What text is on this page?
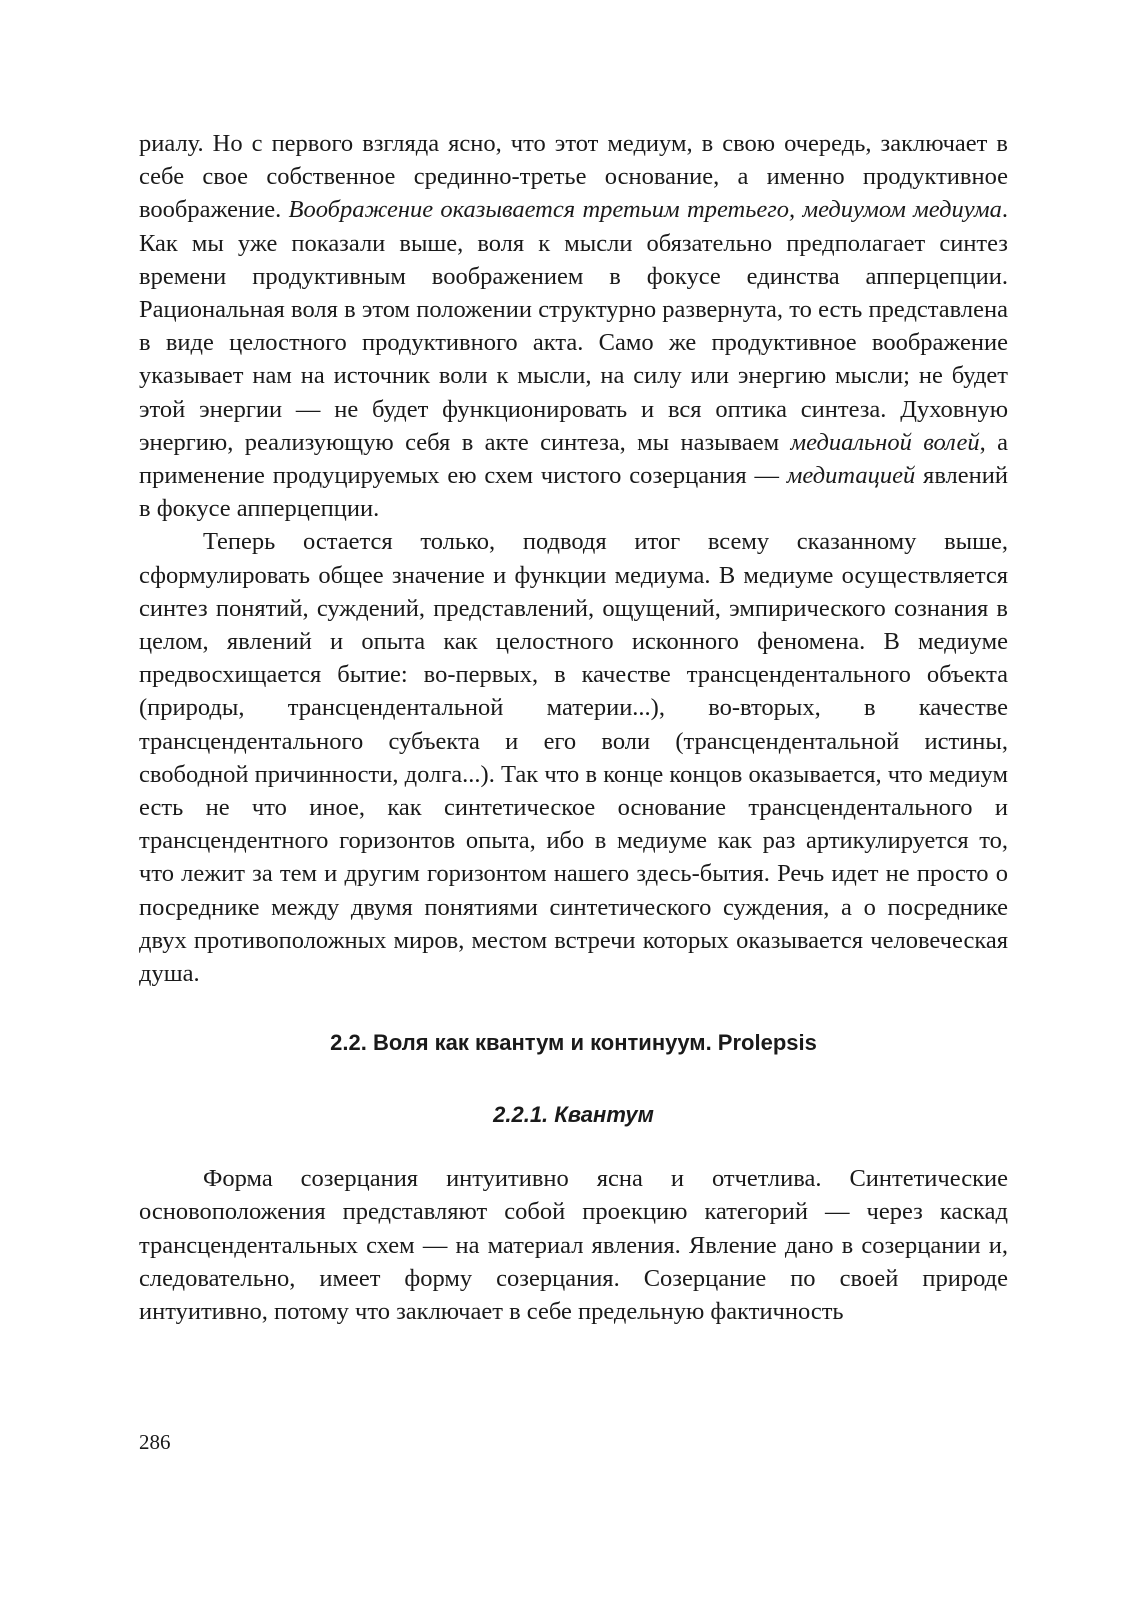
риалу. Но с первого взгляда ясно, что этот медиум, в свою очередь, заключает в себе свое собственное срединно-третье основание, а именно продуктивное воображение. Воображение оказывается третьим третьего, медиумом медиума. Как мы уже показали выше, воля к мысли обязательно предполагает синтез времени продуктивным воображением в фокусе единства апперцепции. Рациональная воля в этом положении структурно развернута, то есть представлена в виде целостного продуктивного акта. Само же продуктивное воображение указывает нам на источник воли к мысли, на силу или энергию мысли; не будет этой энергии — не будет функционировать и вся оптика синтеза. Духовную энергию, реализующую себя в акте синтеза, мы называем медиальной волей, а применение продуцируемых ею схем чистого созерцания — медитацией явлений в фокусе апперцепции.

Теперь остается только, подводя итог всему сказанному выше, сформулировать общее значение и функции медиума. В медиуме осуществляется синтез понятий, суждений, представлений, ощущений, эмпирического сознания в целом, явлений и опыта как целостного исконного феномена. В медиуме предвосхищается бытие: во-первых, в качестве трансцендентального объекта (природы, трансцендентальной материи...), во-вторых, в качестве трансцендентального субъекта и его воли (трансцендентальной истины, свободной причинности, долга...). Так что в конце концов оказывается, что медиум есть не что иное, как синтетическое основание трансцендентального и трансцендентного горизонтов опыта, ибо в медиуме как раз артикулируется то, что лежит за тем и другим горизонтом нашего здесь-бытия. Речь идет не просто о посреднике между двумя понятиями синтетического суждения, а о посреднике двух противоположных миров, местом встречи которых оказывается человеческая душа.

2.2. Воля как квантум и континуум. Prolepsis
2.2.1. Квантум

Форма созерцания интуитивно ясна и отчетлива. Синтетические основоположения представляют собой проекцию категорий — через каскад трансцендентальных схем — на материал явления. Явление дано в созерцании и, следовательно, имеет форму созерцания. Созерцание по своей природе интуитивно, потому что заключает в себе предельную фактичность

286
